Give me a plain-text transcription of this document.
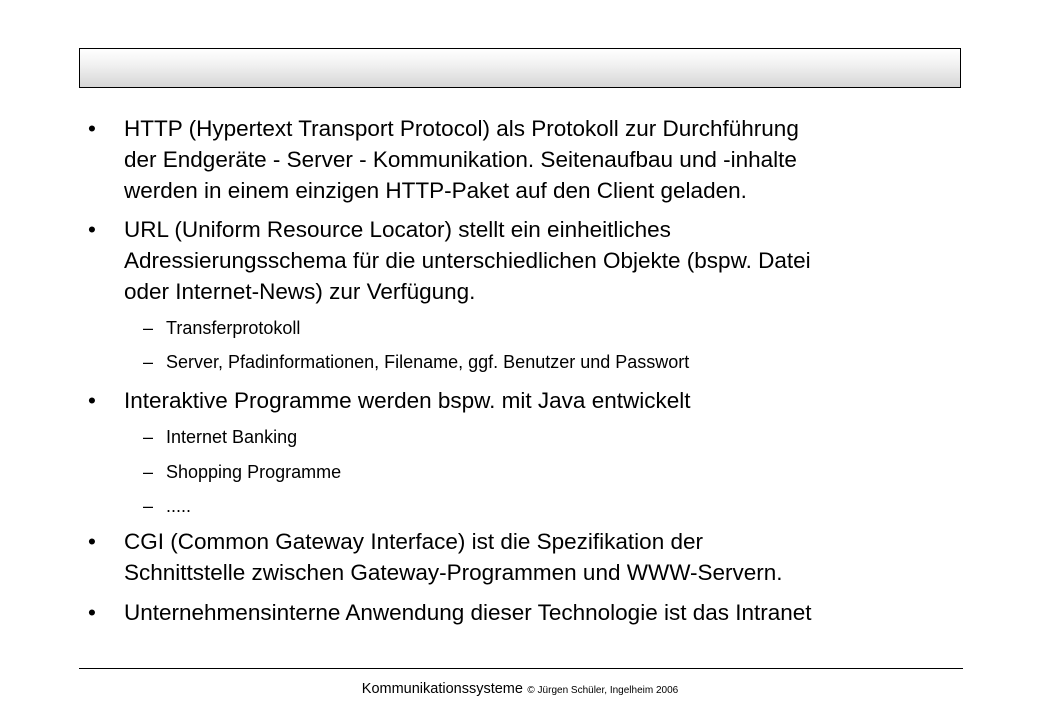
• HTTP (Hypertext Transport Protocol) als Protokoll zur Durchführung
der Endgeräte - Server - Kommunikation. Seitenaufbau und -inhalte
werden in einem einzigen HTTP-Paket auf den Client geladen.
• URL (Uniform Resource Locator) stellt ein einheitliches
Adressierungsschema für die unterschiedlichen Objekte (bspw. Datei
oder Internet-News) zur Verfügung.
– Transferprotokoll
– Server, Pfadinformationen, Filename, ggf. Benutzer und Passwort
• Interaktive Programme werden bspw. mit Java entwickelt
– Internet Banking
– Shopping Programme
– .....
• CGI (Common Gateway Interface) ist die Spezifikation der
Schnittstelle zwischen Gateway-Programmen und WWW-Servern.
• Unternehmensinterne Anwendung dieser Technologie ist das Intranet
Kommunikationssysteme © Jürgen Schüler, Ingelheim 2006
